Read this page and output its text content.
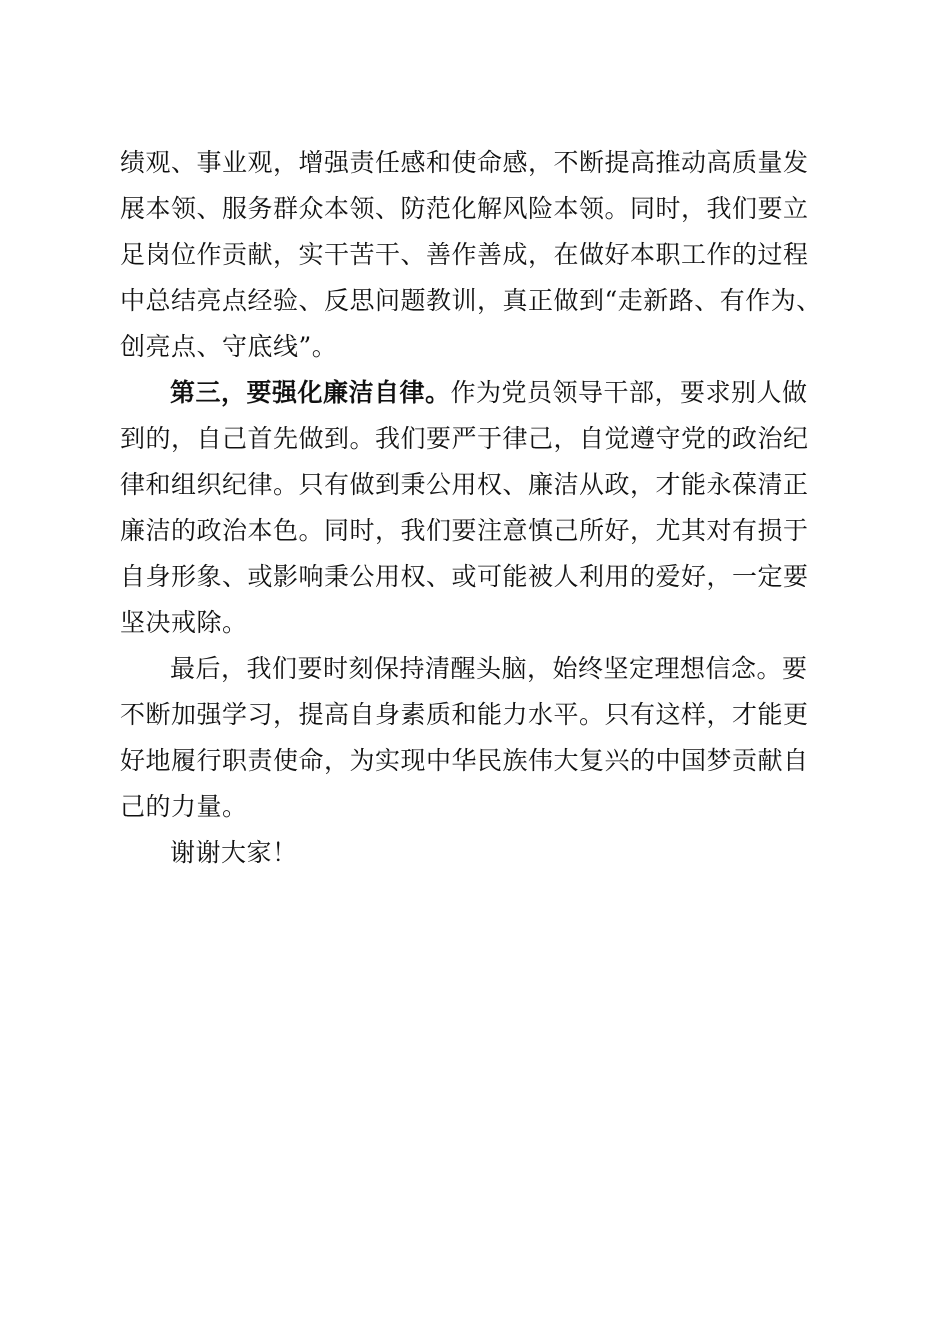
绩观、事业观，增强责任感和使命感，不断提高推动高质量发
展本领、服务群众本领、防范化解风险本领。同时，我们要立
足岗位作贡献，实干苦干、善作善成，在做好本职工作的过程
中总结亮点经验、反思问题教训，真正做到“走新路、有作为、
创亮点、守底线”。
第三，要强化廉洁自律。作为党员领导干部，要求别人做
到的，自己首先做到。我们要严于律己，自觉遵守党的政治纪
律和组织纪律。只有做到秉公用权、廉洁从政，才能永葆清正
廉洁的政治本色。同时，我们要注意慎己所好，尤其对有损于
自身形象、或影响秉公用权、或可能被人利用的爱好，一定要
坚决戒除。
最后，我们要时刻保持清醒头脑，始终坚定理想信念。要
不断加强学习，提高自身素质和能力水平。只有这样，才能更
好地履行职责使命，为实现中华民族伟大复兴的中国梦贡献自
己的力量。
谢谢大家！
